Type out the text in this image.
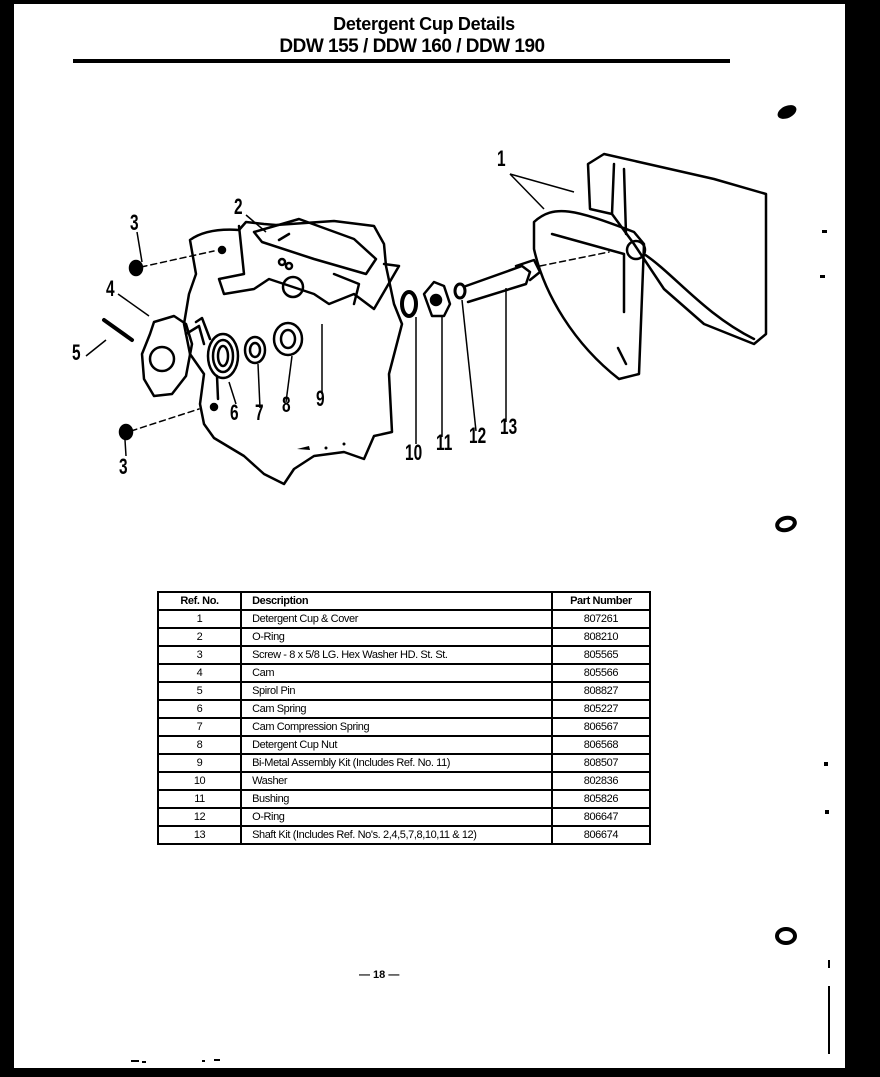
Detergent Cup Details
DDW 155 / DDW 160 / DDW 190
1
2
3
3
4
5
6 7 8 9
10 11 12 13
Ref. No.	Description	Part Number
1	Detergent Cup & Cover	807261
2	O-Ring	808210
3	Screw - 8 x 5/8 LG. Hex Washer HD. St. St.	805565
4	Cam	805566
5	Spirol Pin	808827
6	Cam Spring	805227
7	Cam Compression Spring	806567
8	Detergent Cup Nut	806568
9	Bi-Metal Assembly Kit (Includes Ref. No. 11)	808507
10	Washer	802836
11	Bushing	805826
12	O-Ring	806647
13	Shaft Kit (Includes Ref. No's. 2,4,5,7,8,10,11 & 12)	806674
— 18 —
